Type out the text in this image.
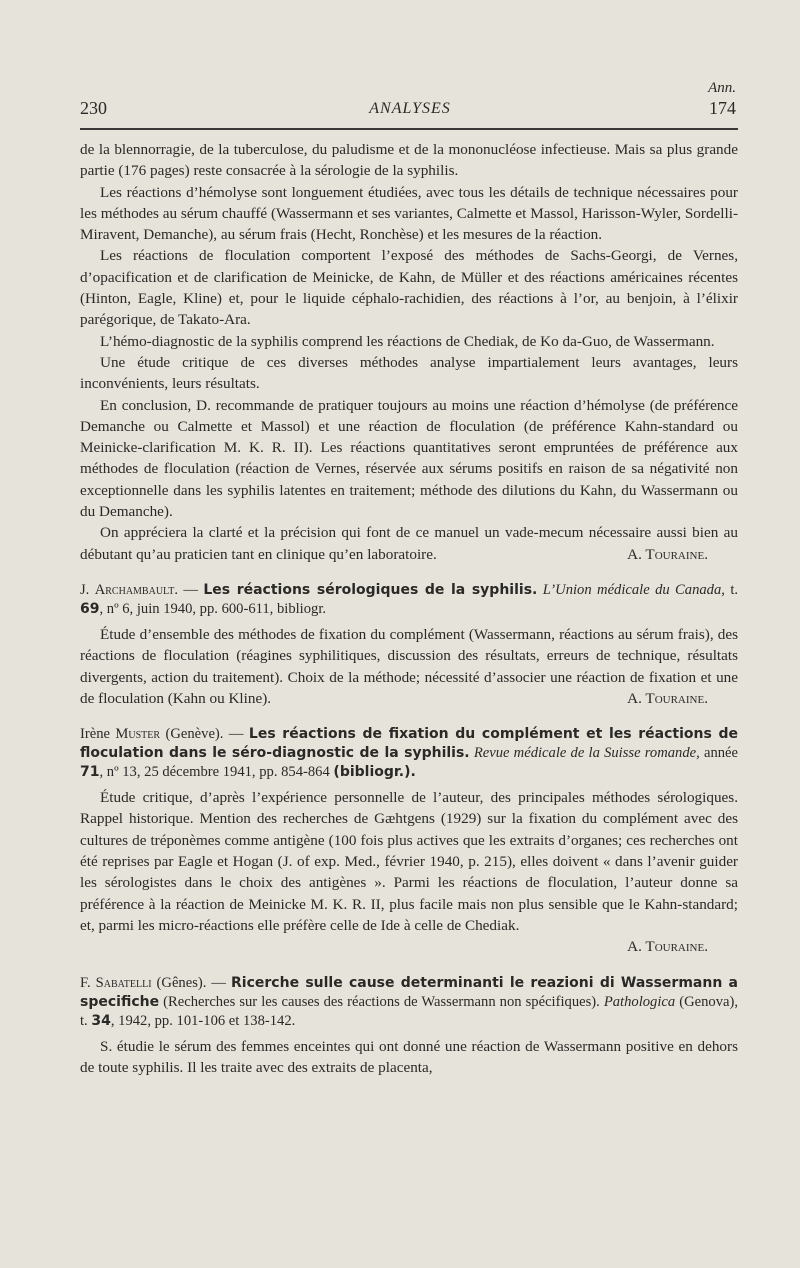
Ann.
230	ANALYSES	174

de la blennorragie, de la tuberculose, du paludisme et de la mononucléose infectieuse. Mais sa plus grande partie (176 pages) reste consacrée à la sérologie de la syphilis.

Les réactions d’hémolyse sont longuement étudiées, avec tous les détails de technique nécessaires pour les méthodes au sérum chauffé (Wassermann et ses variantes, Calmette et Massol, Harisson-Wyler, Sordelli-Miravent, Demanche), au sérum frais (Hecht, Ronchèse) et les mesures de la réaction.

Les réactions de floculation comportent l’exposé des méthodes de Sachs-Georgi, de Vernes, d’opacification et de clarification de Meinicke, de Kahn, de Müller et des réactions américaines récentes (Hinton, Eagle, Kline) et, pour le liquide céphalo-rachidien, des réactions à l’or, au benjoin, à l’élixir parégorique, de Takato-Ara.

L’hémo-diagnostic de la syphilis comprend les réactions de Chediak, de Ko da-Guo, de Wassermann.

Une étude critique de ces diverses méthodes analyse impartialement leurs avantages, leurs inconvénients, leurs résultats.

En conclusion, D. recommande de pratiquer toujours au moins une réaction d’hémolyse (de préférence Demanche ou Calmette et Massol) et une réaction de floculation (de préférence Kahn-standard ou Meinicke-clarification M. K. R. II). Les réactions quantitatives seront empruntées de préférence aux méthodes de floculation (réaction de Vernes, réservée aux sérums positifs en raison de sa négativité non exceptionnelle dans les syphilis latentes en traitement; méthode des dilutions du Kahn, du Wassermann ou du Demanche).

On appréciera la clarté et la précision qui font de ce manuel un vade-mecum nécessaire aussi bien au débutant qu’au praticien tant en clinique qu’en laboratoire.	A. Touraine.

J. Archambault. — Les réactions sérologiques de la syphilis. L’Union médicale du Canada, t. 69, nº 6, juin 1940, pp. 600-611, bibliogr.

Étude d’ensemble des méthodes de fixation du complément (Wassermann, réactions au sérum frais), des réactions de floculation (réagines syphilitiques, discussion des résultats, erreurs de technique, résultats divergents, action du traitement). Choix de la méthode; nécessité d’associer une réaction de fixation et une de floculation (Kahn ou Kline).	A. Touraine.

Irène Muster (Genève). — Les réactions de fixation du complément et les réactions de floculation dans le séro-diagnostic de la syphilis. Revue médicale de la Suisse romande, année 71, nº 13, 25 décembre 1941, pp. 854-864 (bibliogr.).

Étude critique, d’après l’expérience personnelle de l’auteur, des principales méthodes sérologiques. Rappel historique. Mention des recherches de Gæhtgens (1929) sur la fixation du complément avec des cultures de tréponèmes comme antigène (100 fois plus actives que les extraits d’organes; ces recherches ont été reprises par Eagle et Hogan (J. of exp. Med., février 1940, p. 215), elles doivent « dans l’avenir guider les sérologistes dans le choix des antigènes ». Parmi les réactions de floculation, l’auteur donne sa préférence à la réaction de Meinicke M. K. R. II, plus facile mais non plus sensible que le Kahn-standard; et, parmi les micro-réactions elle préfère celle de Ide à celle de Chediak.

A. Touraine.

F. Sabatelli (Gênes). — Ricerche sulle cause determinanti le reazioni di Wassermann a specifiche (Recherches sur les causes des réactions de Wassermann non spécifiques). Pathologica (Genova), t. 34, 1942, pp. 101-106 et 138-142.

S. étudie le sérum des femmes enceintes qui ont donné une réaction de Wassermann positive en dehors de toute syphilis. Il les traite avec des extraits de placenta,
